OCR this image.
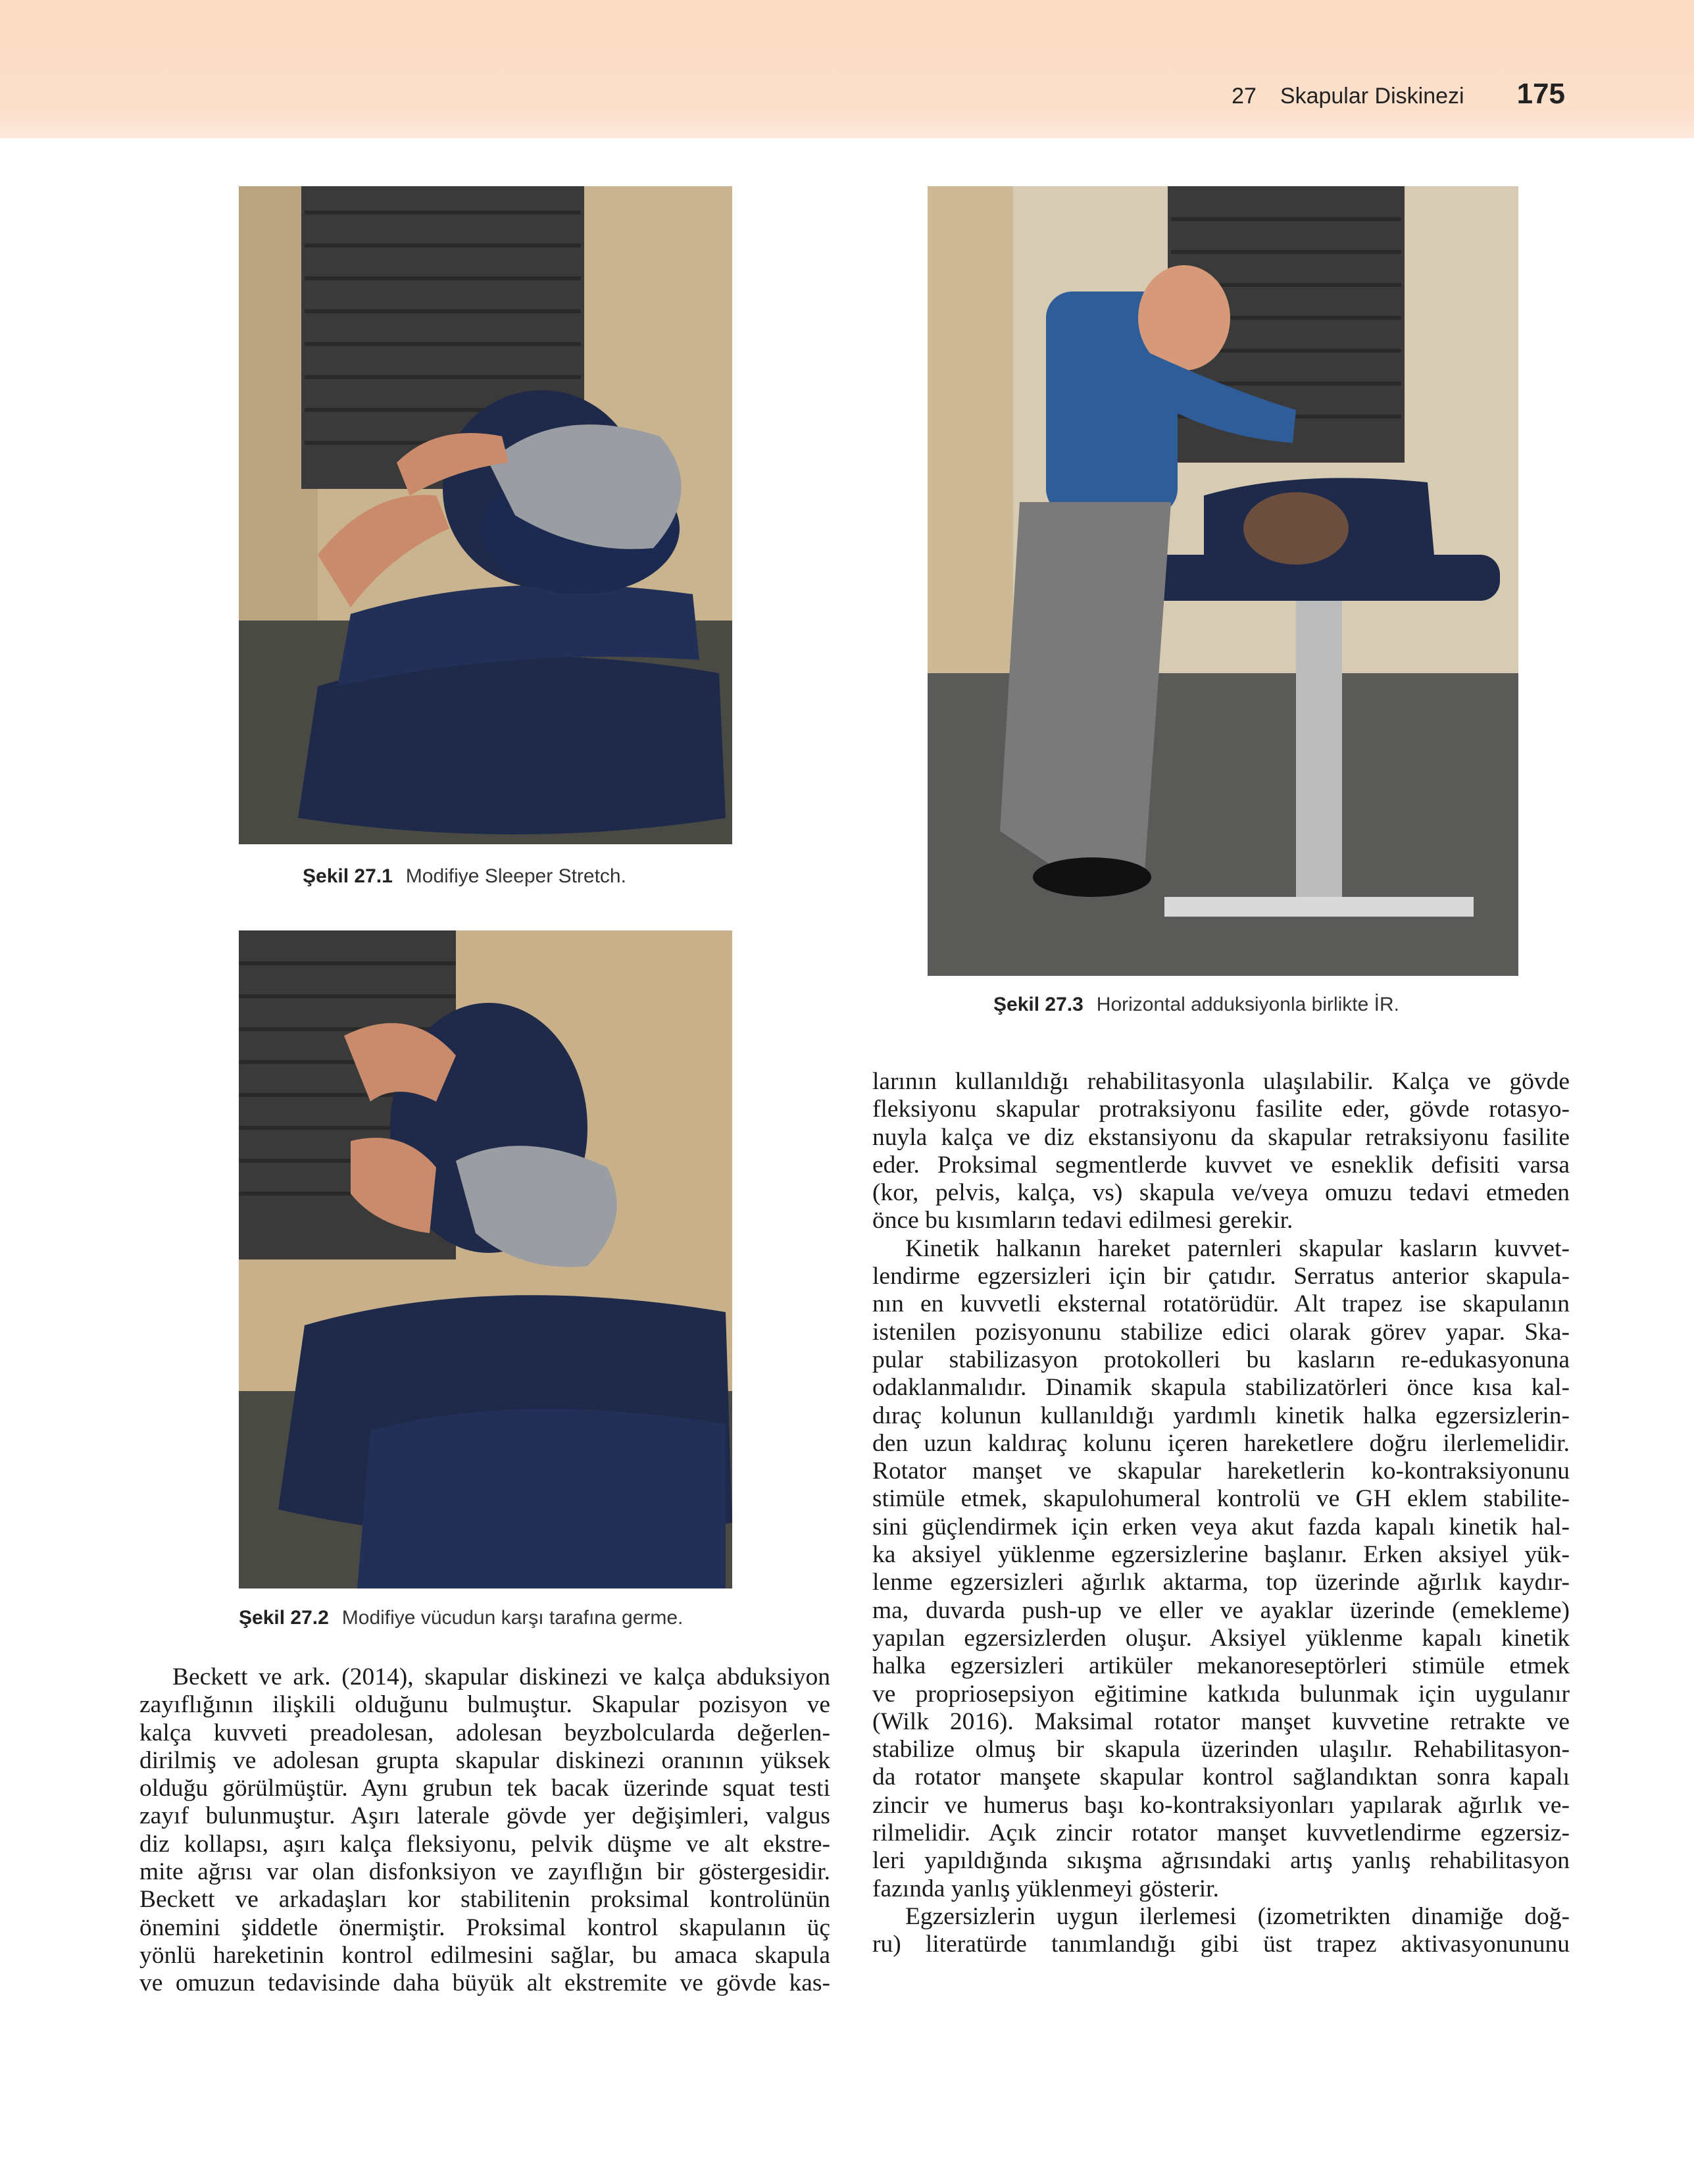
27 Skapular Diskinezi 175
Şekil 27.1 Modifiye Sleeper Stretch.
Şekil 27.2 Modifiye vücudun karşı tarafına germe.
Şekil 27.3 Horizontal adduksiyonla birlikte İR.
Beckett ve ark. (2014), skapular diskinezi ve kalça abduksiyon
zayıflığının ilişkili olduğunu bulmuştur. Skapular pozisyon ve
kalça kuvveti preadolesan, adolesan beyzbolcularda değerlen-
dirilmiş ve adolesan grupta skapular diskinezi oranının yüksek
olduğu görülmüştür. Aynı grubun tek bacak üzerinde squat testi
zayıf bulunmuştur. Aşırı laterale gövde yer değişimleri, valgus
diz kollapsı, aşırı kalça fleksiyonu, pelvik düşme ve alt ekstre-
mite ağrısı var olan disfonksiyon ve zayıflığın bir göstergesidir.
Beckett ve arkadaşları kor stabilitenin proksimal kontrolünün
önemini şiddetle önermiştir. Proksimal kontrol skapulanın üç
yönlü hareketinin kontrol edilmesini sağlar, bu amaca skapula
ve omuzun tedavisinde daha büyük alt ekstremite ve gövde kas-
larının kullanıldığı rehabilitasyonla ulaşılabilir. Kalça ve gövde
fleksiyonu skapular protraksiyonu fasilite eder, gövde rotasyo-
nuyla kalça ve diz ekstansiyonu da skapular retraksiyonu fasilite
eder. Proksimal segmentlerde kuvvet ve esneklik defisiti varsa
(kor, pelvis, kalça, vs) skapula ve/veya omuzu tedavi etmeden
önce bu kısımların tedavi edilmesi gerekir.
Kinetik halkanın hareket paternleri skapular kasların kuvvet-
lendirme egzersizleri için bir çatıdır. Serratus anterior skapula-
nın en kuvvetli eksternal rotatörüdür. Alt trapez ise skapulanın
istenilen pozisyonunu stabilize edici olarak görev yapar. Ska-
pular stabilizasyon protokolleri bu kasların re-edukasyonuna
odaklanmalıdır. Dinamik skapula stabilizatörleri önce kısa kal-
dıraç kolunun kullanıldığı yardımlı kinetik halka egzersizlerin-
den uzun kaldıraç kolunu içeren hareketlere doğru ilerlemelidir.
Rotator manşet ve skapular hareketlerin ko-kontraksiyonunu
stimüle etmek, skapulohumeral kontrolü ve GH eklem stabilite-
sini güçlendirmek için erken veya akut fazda kapalı kinetik hal-
ka aksiyel yüklenme egzersizlerine başlanır. Erken aksiyel yük-
lenme egzersizleri ağırlık aktarma, top üzerinde ağırlık kaydır-
ma, duvarda push-up ve eller ve ayaklar üzerinde (emekleme)
yapılan egzersizlerden oluşur. Aksiyel yüklenme kapalı kinetik
halka egzersizleri artiküler mekanoreseptörleri stimüle etmek
ve propriosepsiyon eğitimine katkıda bulunmak için uygulanır
(Wilk 2016). Maksimal rotator manşet kuvvetine retrakte ve
stabilize olmuş bir skapula üzerinden ulaşılır. Rehabilitasyon-
da rotator manşete skapular kontrol sağlandıktan sonra kapalı
zincir ve humerus başı ko-kontraksiyonları yapılarak ağırlık ve-
rilmelidir. Açık zincir rotator manşet kuvvetlendirme egzersiz-
leri yapıldığında sıkışma ağrısındaki artış yanlış rehabilitasyon
fazında yanlış yüklenmeyi gösterir.
Egzersizlerin uygun ilerlemesi (izometrikten dinamiğe doğ-
ru) literatürde tanımlandığı gibi üst trapez aktivasyonununu
